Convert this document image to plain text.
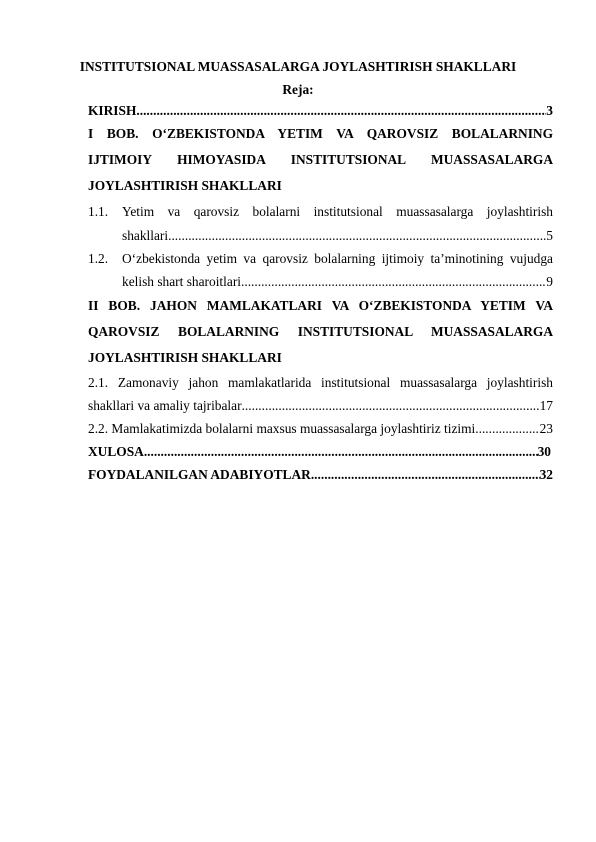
INSTITUTSIONAL MUASSASALARGA JOYLASHTIRISH SHAKLLARI
Reja:
KIRISH .....	3
I BOB. O‘ZBEKISTONDA YETIM VA QAROVSIZ BOLALARNING
IJTIMOIY HIMOYASIDA INSTITUTSIONAL MUASSASALARGA
JOYLASHTIRISH SHAKLLARI
1.1. Yetim va qarovsiz bolalarni institutsional muassasalarga joylashtirish
shakllari .....	5
1.2. O‘zbekistonda yetim va qarovsiz bolalarning ijtimoiy ta’minotining vujudga
kelish shart sharoitlari .....	9
II BOB. JAHON MAMLAKATLARI VA O‘ZBEKISTONDA YETIM VA
QAROVSIZ BOLALARNING INSTITUTSIONAL MUASSASALARGA
JOYLASHTIRISH SHAKLLARI
2.1. Zamonaviy jahon mamlakatlarida institutsional muassasalarga joylashtirish
shakllari va amaliy tajribalar .....	17
2.2. Mamlakatimizda bolalarni maxsus muassasalarga joylashtiriz tizimi .....	23
XULOSA .....	30
FOYDALANILGAN ADABIYOTLAR .....	32
